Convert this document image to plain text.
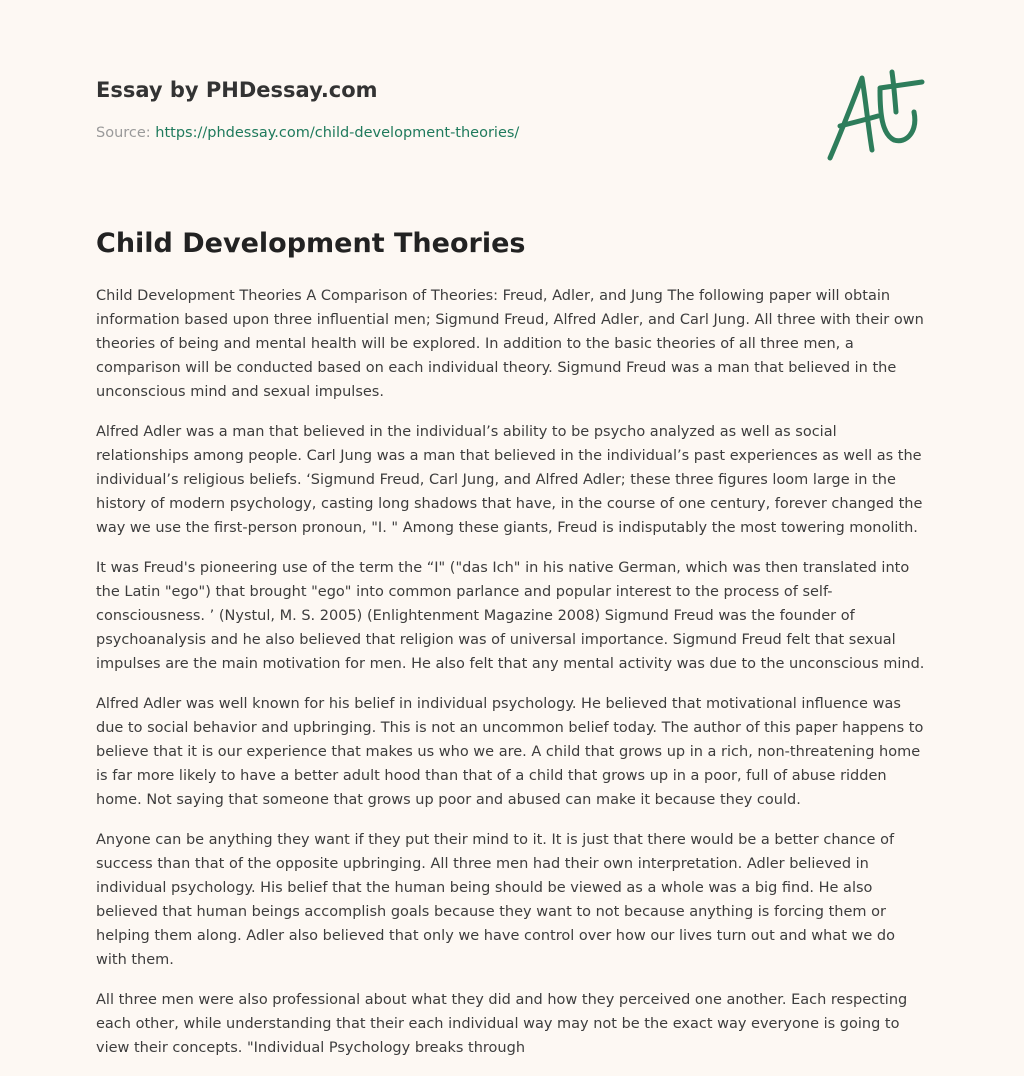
Essay by PHDessay.com
Source: https://phdessay.com/child-development-theories/
Child Development Theories

Child Development Theories A Comparison of Theories: Freud, Adler, and Jung The following paper will obtain information based upon three influential men; Sigmund Freud, Alfred Adler, and Carl Jung. All three with their own theories of being and mental health will be explored. In addition to the basic theories of all three men, a comparison will be conducted based on each individual theory. Sigmund Freud was a man that believed in the unconscious mind and sexual impulses.

Alfred Adler was a man that believed in the individual’s ability to be psycho analyzed as well as social relationships among people. Carl Jung was a man that believed in the individual’s past experiences as well as the individual’s religious beliefs. ‘Sigmund Freud, Carl Jung, and Alfred Adler; these three figures loom large in the history of modern psychology, casting long shadows that have, in the course of one century, forever changed the way we use the first-person pronoun, "I. " Among these giants, Freud is indisputably the most towering monolith.

It was Freud's pioneering use of the term the “I" ("das Ich" in his native German, which was then translated into the Latin "ego") that brought "ego" into common parlance and popular interest to the process of self-consciousness. ’ (Nystul, M. S. 2005) (Enlightenment Magazine 2008) Sigmund Freud was the founder of psychoanalysis and he also believed that religion was of universal importance. Sigmund Freud felt that sexual impulses are the main motivation for men. He also felt that any mental activity was due to the unconscious mind.

Alfred Adler was well known for his belief in individual psychology. He believed that motivational influence was due to social behavior and upbringing. This is not an uncommon belief today. The author of this paper happens to believe that it is our experience that makes us who we are. A child that grows up in a rich, non-threatening home is far more likely to have a better adult hood than that of a child that grows up in a poor, full of abuse ridden home. Not saying that someone that grows up poor and abused can make it because they could.

Anyone can be anything they want if they put their mind to it. It is just that there would be a better chance of success than that of the opposite upbringing. All three men had their own interpretation. Adler believed in individual psychology. His belief that the human being should be viewed as a whole was a big find. He also believed that human beings accomplish goals because they want to not because anything is forcing them or helping them along. Adler also believed that only we have control over how our lives turn out and what we do with them.

All three men were also professional about what they did and how they perceived one another. Each respecting each other, while understanding that their each individual way may not be the exact way everyone is going to view their concepts. "Individual Psychology breaks through
